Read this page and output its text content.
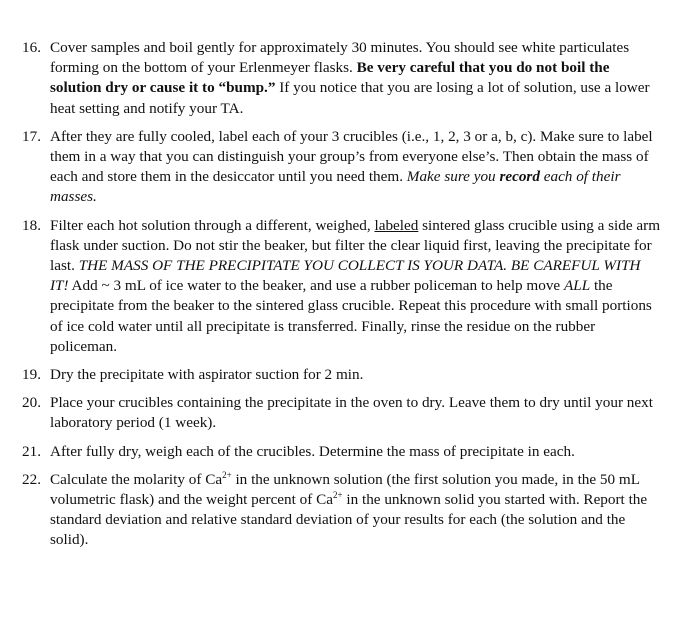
16. Cover samples and boil gently for approximately 30 minutes. You should see white particulates forming on the bottom of your Erlenmeyer flasks. Be very careful that you do not boil the solution dry or cause it to “bump.” If you notice that you are losing a lot of solution, use a lower heat setting and notify your TA.
17. After they are fully cooled, label each of your 3 crucibles (i.e., 1, 2, 3 or a, b, c). Make sure to label them in a way that you can distinguish your group’s from everyone else’s. Then obtain the mass of each and store them in the desiccator until you need them. Make sure you record each of their masses.
18. Filter each hot solution through a different, weighed, labeled sintered glass crucible using a side arm flask under suction. Do not stir the beaker, but filter the clear liquid first, leaving the precipitate for last. THE MASS OF THE PRECIPITATE YOU COLLECT IS YOUR DATA. BE CAREFUL WITH IT! Add ~ 3 mL of ice water to the beaker, and use a rubber policeman to help move ALL the precipitate from the beaker to the sintered glass crucible. Repeat this procedure with small portions of ice cold water until all precipitate is transferred. Finally, rinse the residue on the rubber policeman.
19. Dry the precipitate with aspirator suction for 2 min.
20. Place your crucibles containing the precipitate in the oven to dry. Leave them to dry until your next laboratory period (1 week).
21. After fully dry, weigh each of the crucibles. Determine the mass of precipitate in each.
22. Calculate the molarity of $Ca^{2+}$ in the unknown solution (the first solution you made, in the 50 mL volumetric flask) and the weight percent of $Ca^{2+}$ in the unknown solid you started with. Report the standard deviation and relative standard deviation of your results for each (the solution and the solid).
